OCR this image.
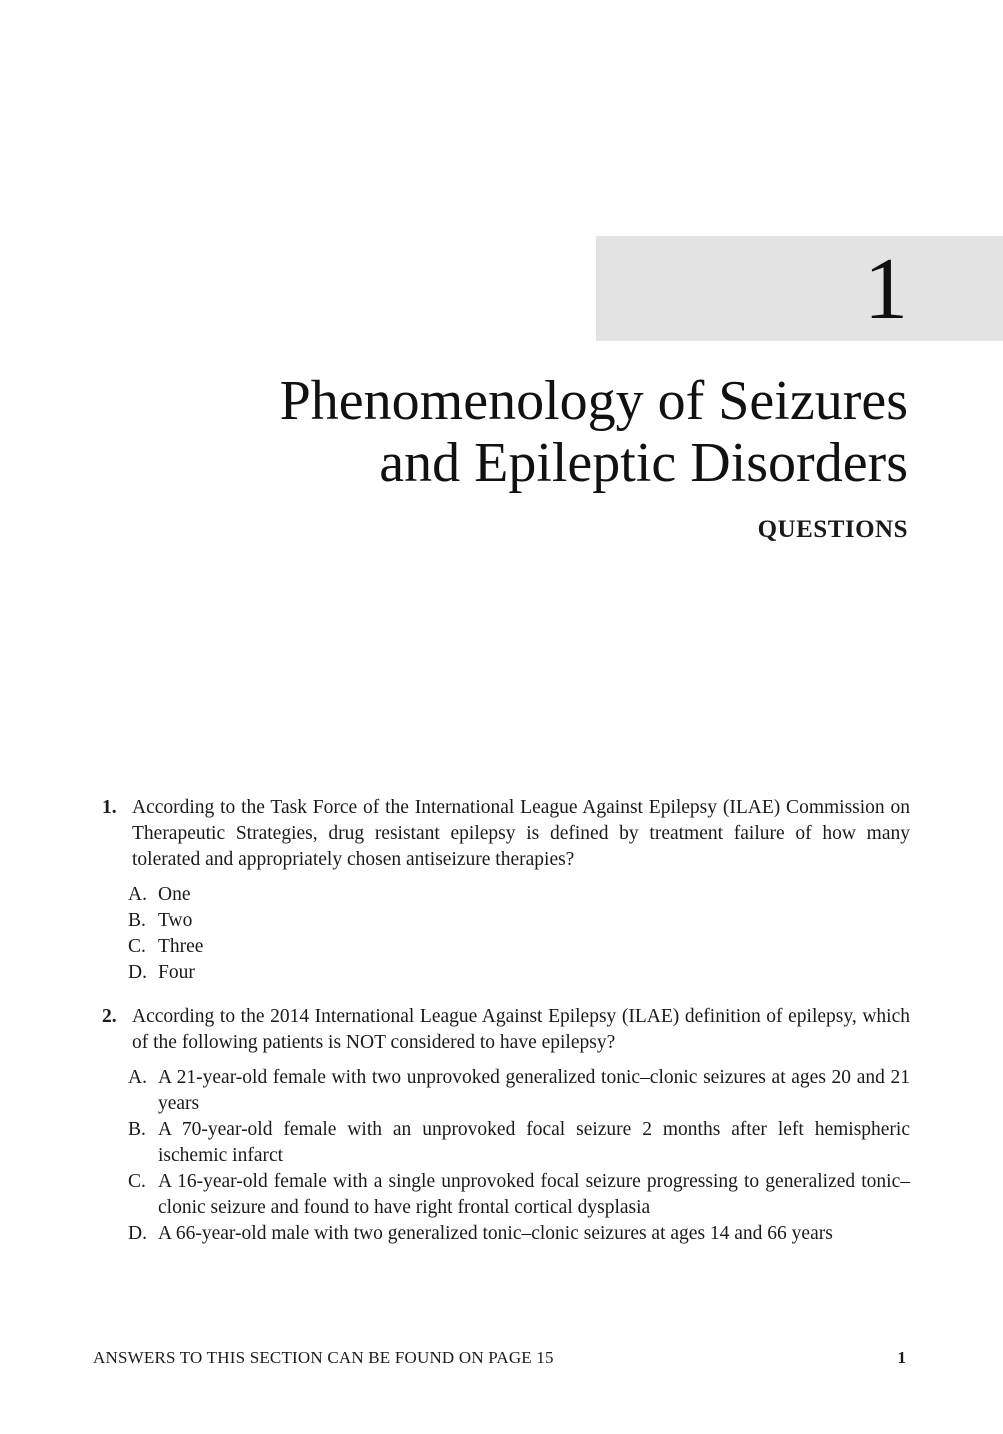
1
Phenomenology of Seizures
and Epileptic Disorders
QUESTIONS
1. According to the Task Force of the International League Against Epilepsy (ILAE) Commission on Therapeutic Strategies, drug resistant epilepsy is defined by treatment failure of how many tolerated and appropriately chosen antiseizure therapies?
A. One
B. Two
C. Three
D. Four
2. According to the 2014 International League Against Epilepsy (ILAE) definition of epilepsy, which of the following patients is NOT considered to have epilepsy?
A. A 21-year-old female with two unprovoked generalized tonic–clonic seizures at ages 20 and 21 years
B. A 70-year-old female with an unprovoked focal seizure 2 months after left hemispheric ischemic infarct
C. A 16-year-old female with a single unprovoked focal seizure progressing to generalized tonic–clonic seizure and found to have right frontal cortical dysplasia
D. A 66-year-old male with two generalized tonic–clonic seizures at ages 14 and 66 years
ANSWERS TO THIS SECTION CAN BE FOUND ON PAGE 15	1
